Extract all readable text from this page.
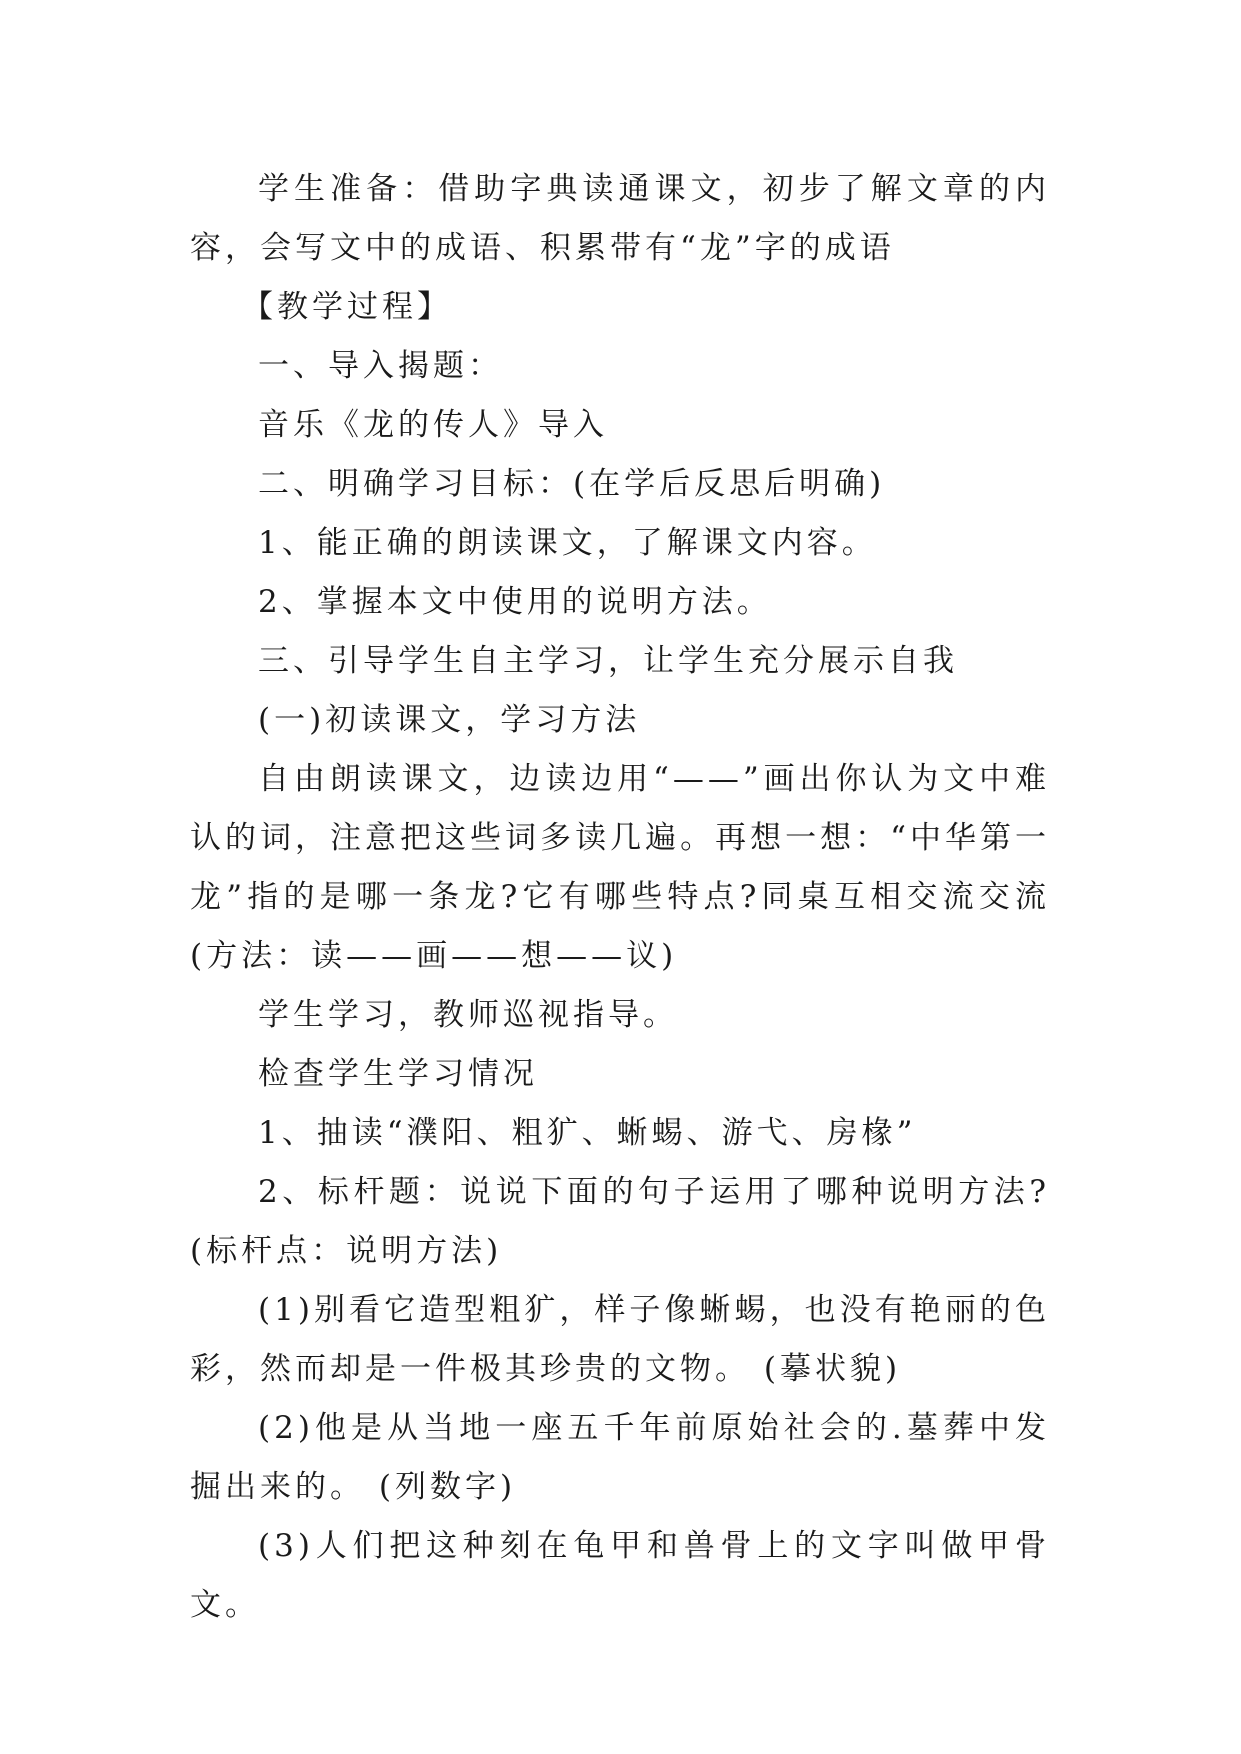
学生准备：借助字典读通课文，初步了解文章的内容，会写文中的成语、积累带有“龙”字的成语

【教学过程】

一、导入揭题：

音乐《龙的传人》导入

二、明确学习目标：(在学后反思后明确)

1、能正确的朗读课文，了解课文内容。

2、掌握本文中使用的说明方法。

三、引导学生自主学习，让学生充分展示自我

(一)初读课文，学习方法

自由朗读课文，边读边用“——”画出你认为文中难认的词，注意把这些词多读几遍。再想一想：“中华第一龙”指的是哪一条龙?它有哪些特点?同桌互相交流交流(方法：读——画——想——议)

学生学习，教师巡视指导。

检查学生学习情况

1、抽读“濮阳、粗犷、蜥蜴、游弋、房椽”

2、标杆题：说说下面的句子运用了哪种说明方法?(标杆点：说明方法)

(1)别看它造型粗犷，样子像蜥蜴，也没有艳丽的色彩，然而却是一件极其珍贵的文物。 (摹状貌)

(2)他是从当地一座五千年前原始社会的.墓葬中发掘出来的。 (列数字)

(3)人们把这种刻在龟甲和兽骨上的文字叫做甲骨文。
